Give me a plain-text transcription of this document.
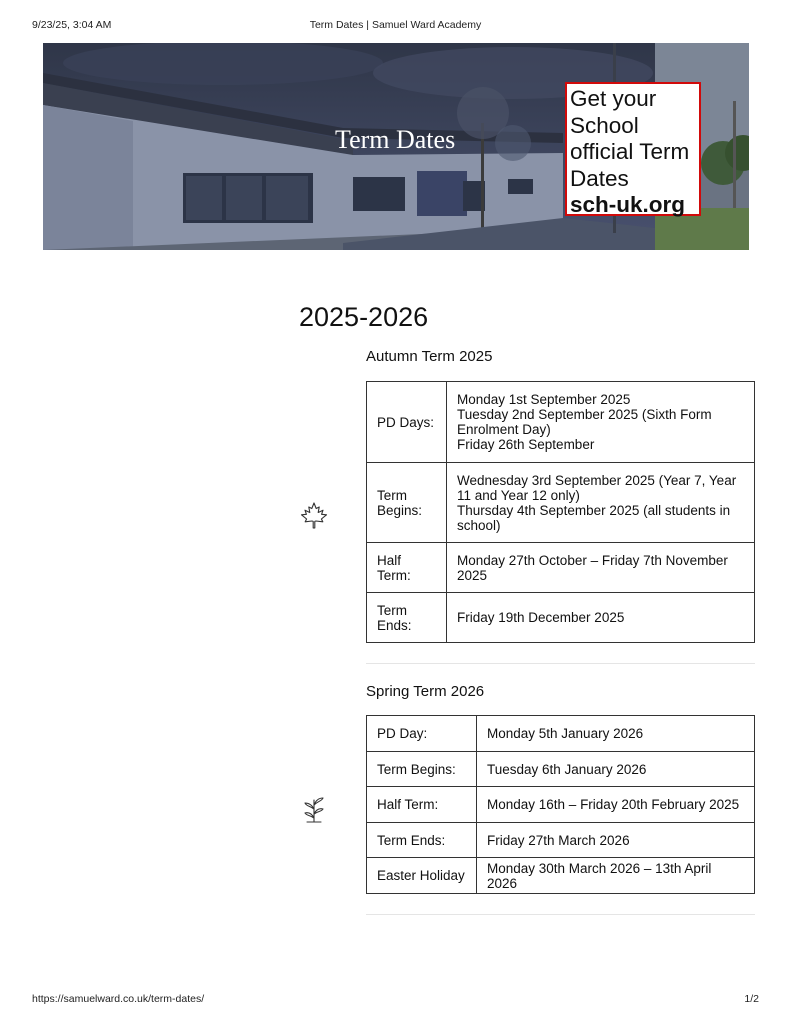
9/23/25, 3:04 AM	Term Dates | Samuel Ward Academy
Term Dates
Get your
School
official Term
Dates
sch-uk.org
2025-2026
Autumn Term 2025
PD Days:	Monday 1st September 2025
Tuesday 2nd September 2025 (Sixth Form Enrolment Day)
Friday 26th September

Term Begins:	Wednesday 3rd September 2025 (Year 7, Year 11 and Year 12 only)
Thursday 4th September 2025 (all students in school)

Half Term:	Monday 27th October – Friday 7th November 2025

Term Ends:	Friday 19th December 2025
Spring Term 2026
PD Day:	Monday 5th January 2026

Term Begins:	Tuesday 6th January 2026

Half Term:	Monday 16th – Friday 20th February 2025

Term Ends:	Friday 27th March 2026

Easter Holiday	Monday 30th March 2026 – 13th April 2026
https://samuelward.co.uk/term-dates/	1/2
